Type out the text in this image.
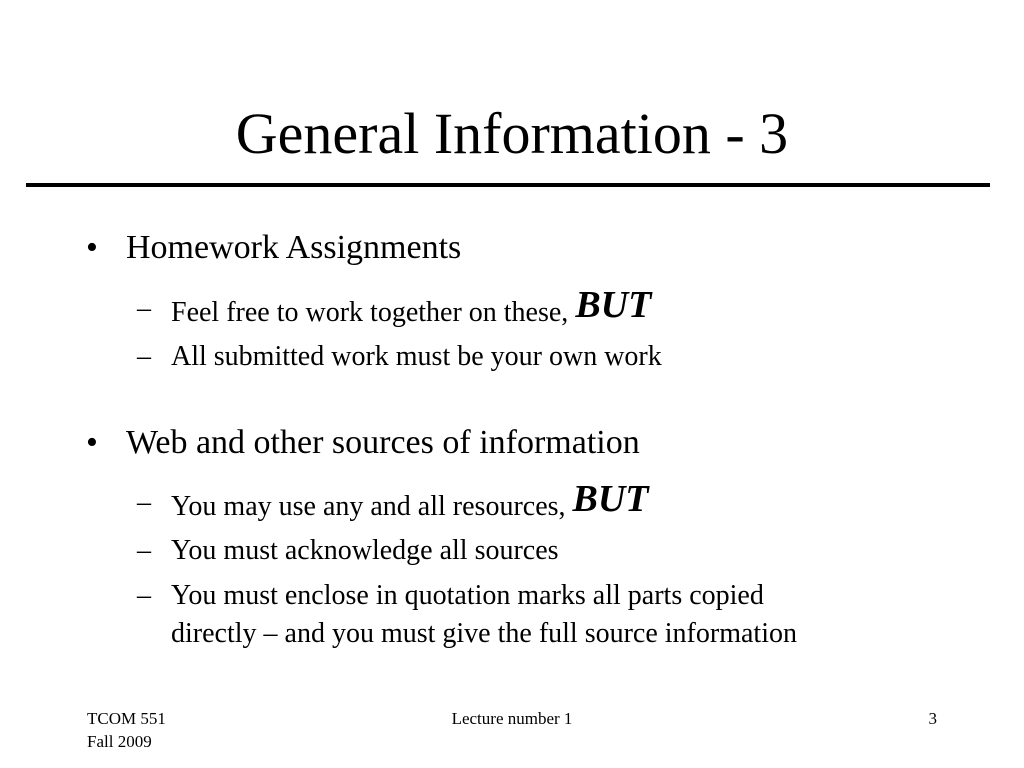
General Information - 3
• Homework Assignments
– Feel free to work together on these, BUT
– All submitted work must be your own work
• Web and other sources of information
– You may use any and all resources, BUT
– You must acknowledge all sources
– You must enclose in quotation marks all parts copied
directly – and you must give the full source information
TCOM 551
Fall 2009
Lecture number 1	3
